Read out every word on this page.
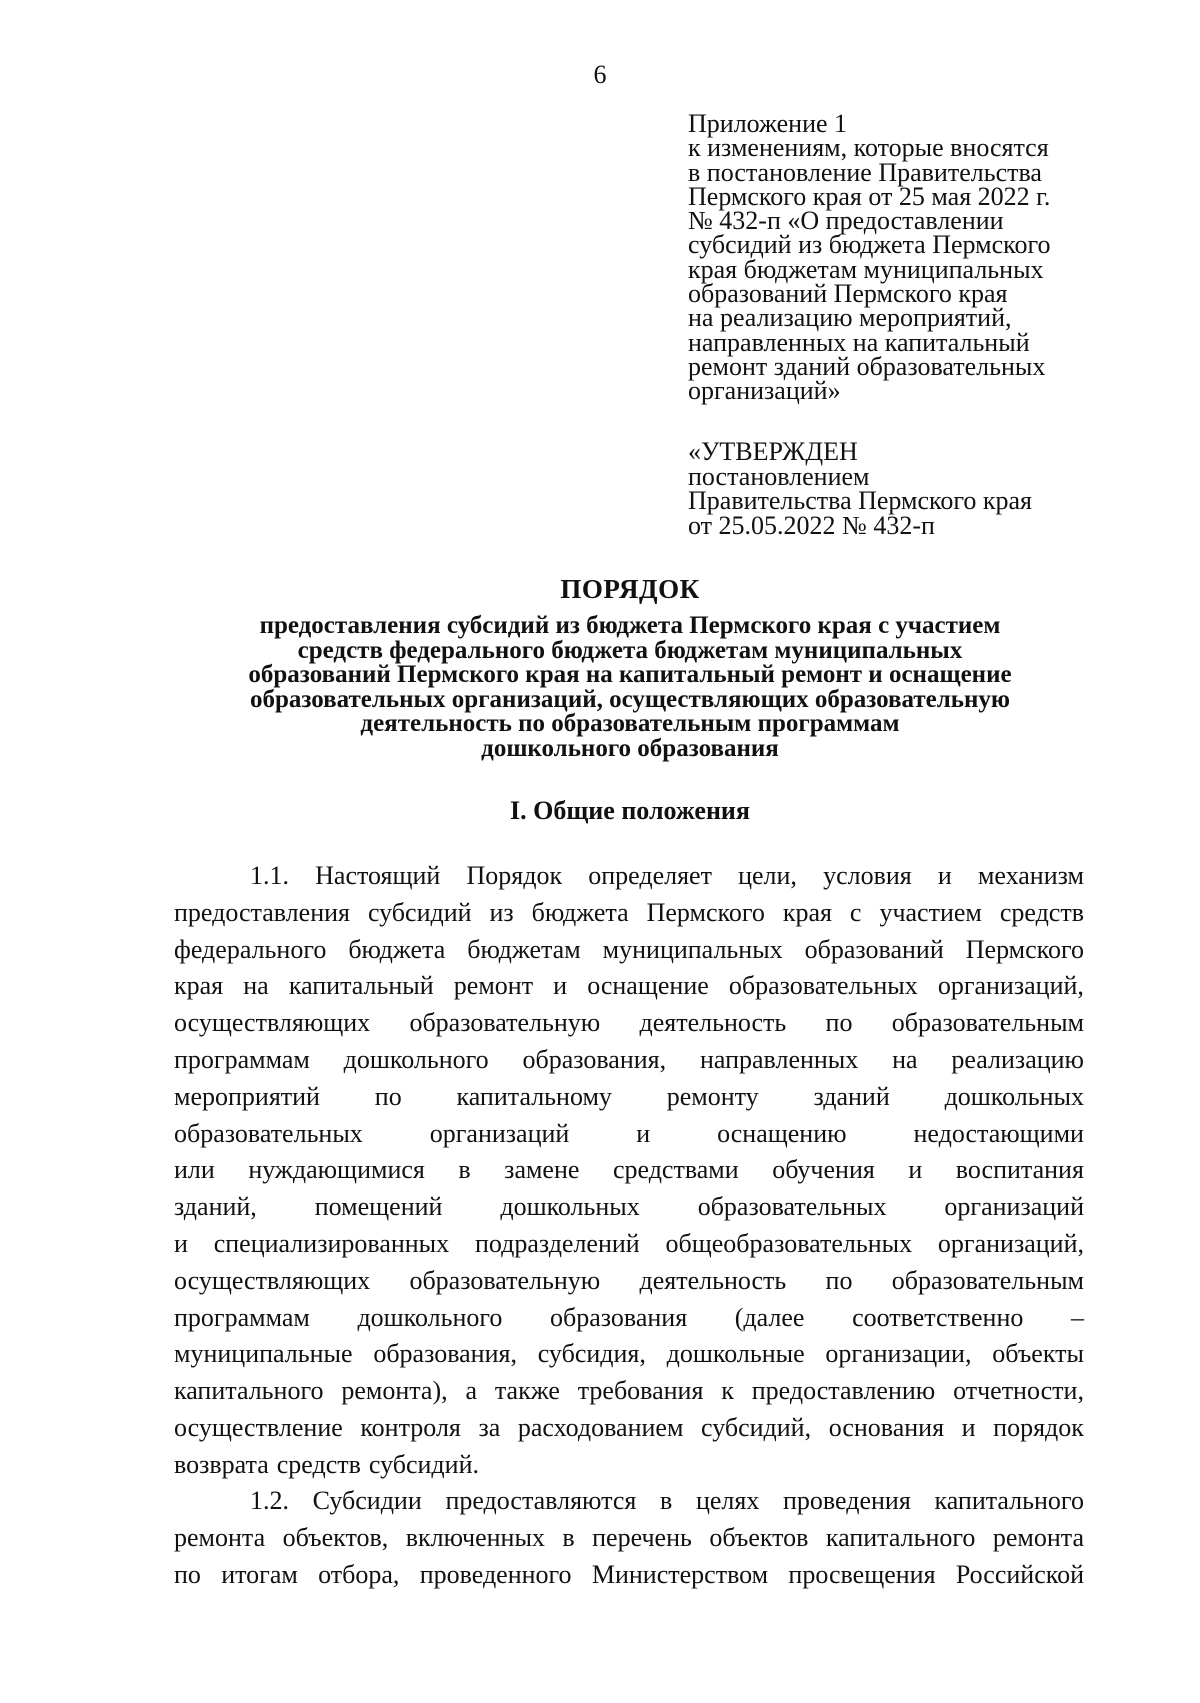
6
Приложение 1
к изменениям, которые вносятся
в постановление Правительства
Пермского края от 25 мая 2022 г.
№ 432-п «О предоставлении
субсидий из бюджета Пермского
края бюджетам муниципальных
образований Пермского края
на реализацию мероприятий,
направленных на капитальный
ремонт зданий образовательных
организаций»
«УТВЕРЖДЕН
постановлением
Правительства Пермского края
от 25.05.2022 № 432-п
ПОРЯДОК
предоставления субсидий из бюджета Пермского края с участием
средств федерального бюджета бюджетам муниципальных
образований Пермского края на капитальный ремонт и оснащение
образовательных организаций, осуществляющих образовательную
деятельность по образовательным программам
дошкольного образования
I. Общие положения
1.1. Настоящий Порядок определяет цели, условия и механизм
предоставления субсидий из бюджета Пермского края с участием средств
федерального бюджета бюджетам муниципальных образований Пермского
края на капитальный ремонт и оснащение образовательных организаций,
осуществляющих образовательную деятельность по образовательным
программам дошкольного образования, направленных на реализацию
мероприятий по капитальному ремонту зданий дошкольных
образовательных	организаций	и	оснащению	недостающими
или нуждающимися в замене средствами обучения и воспитания
зданий, помещений дошкольных образовательных организаций
и специализированных подразделений общеобразовательных организаций,
осуществляющих образовательную деятельность по образовательным
программам дошкольного образования (далее соответственно –
муниципальные образования, субсидия, дошкольные организации, объекты
капитального ремонта), а также требования к предоставлению отчетности,
осуществление контроля за расходованием субсидий, основания и порядок
возврата средств субсидий.
1.2. Субсидии предоставляются в целях проведения капитального
ремонта объектов, включенных в перечень объектов капитального ремонта
по итогам отбора, проведенного Министерством просвещения Российской
